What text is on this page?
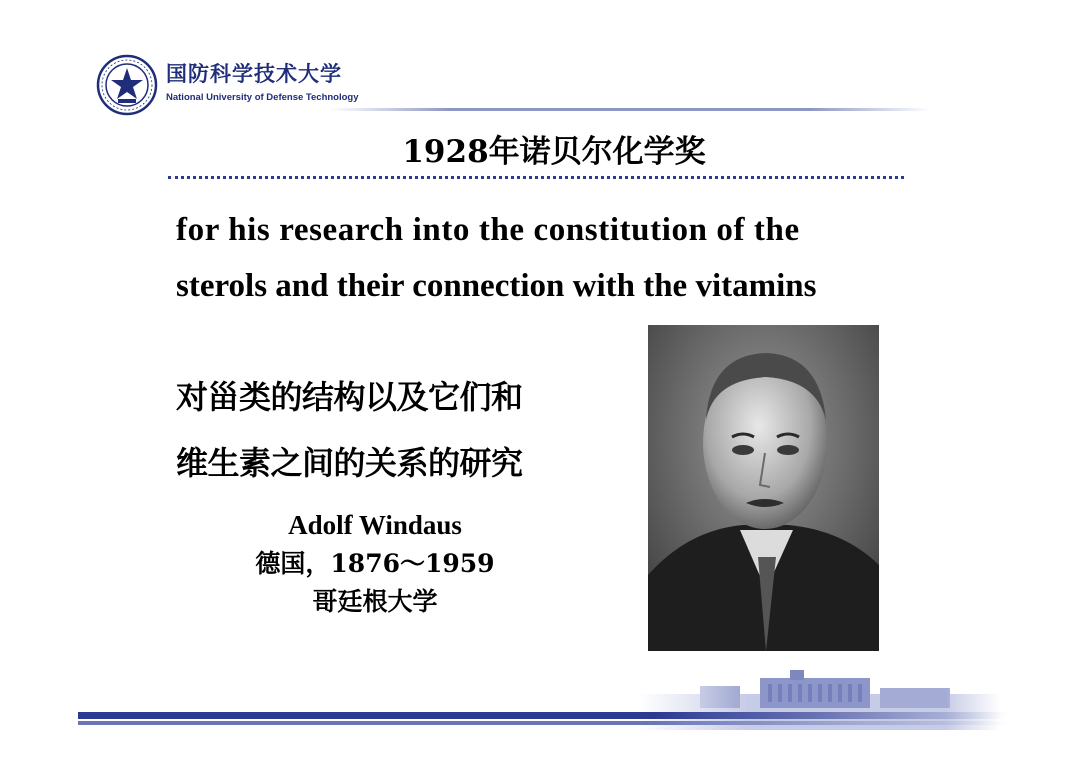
国防科学技术大学
National University of Defense Technology
1928年诺贝尔化学奖
for his research into the constitution of the
sterols and their connection with the vitamins
对甾类的结构以及它们和
维生素之间的关系的研究
Adolf Windaus
德国，1876～1959
哥廷根大学
